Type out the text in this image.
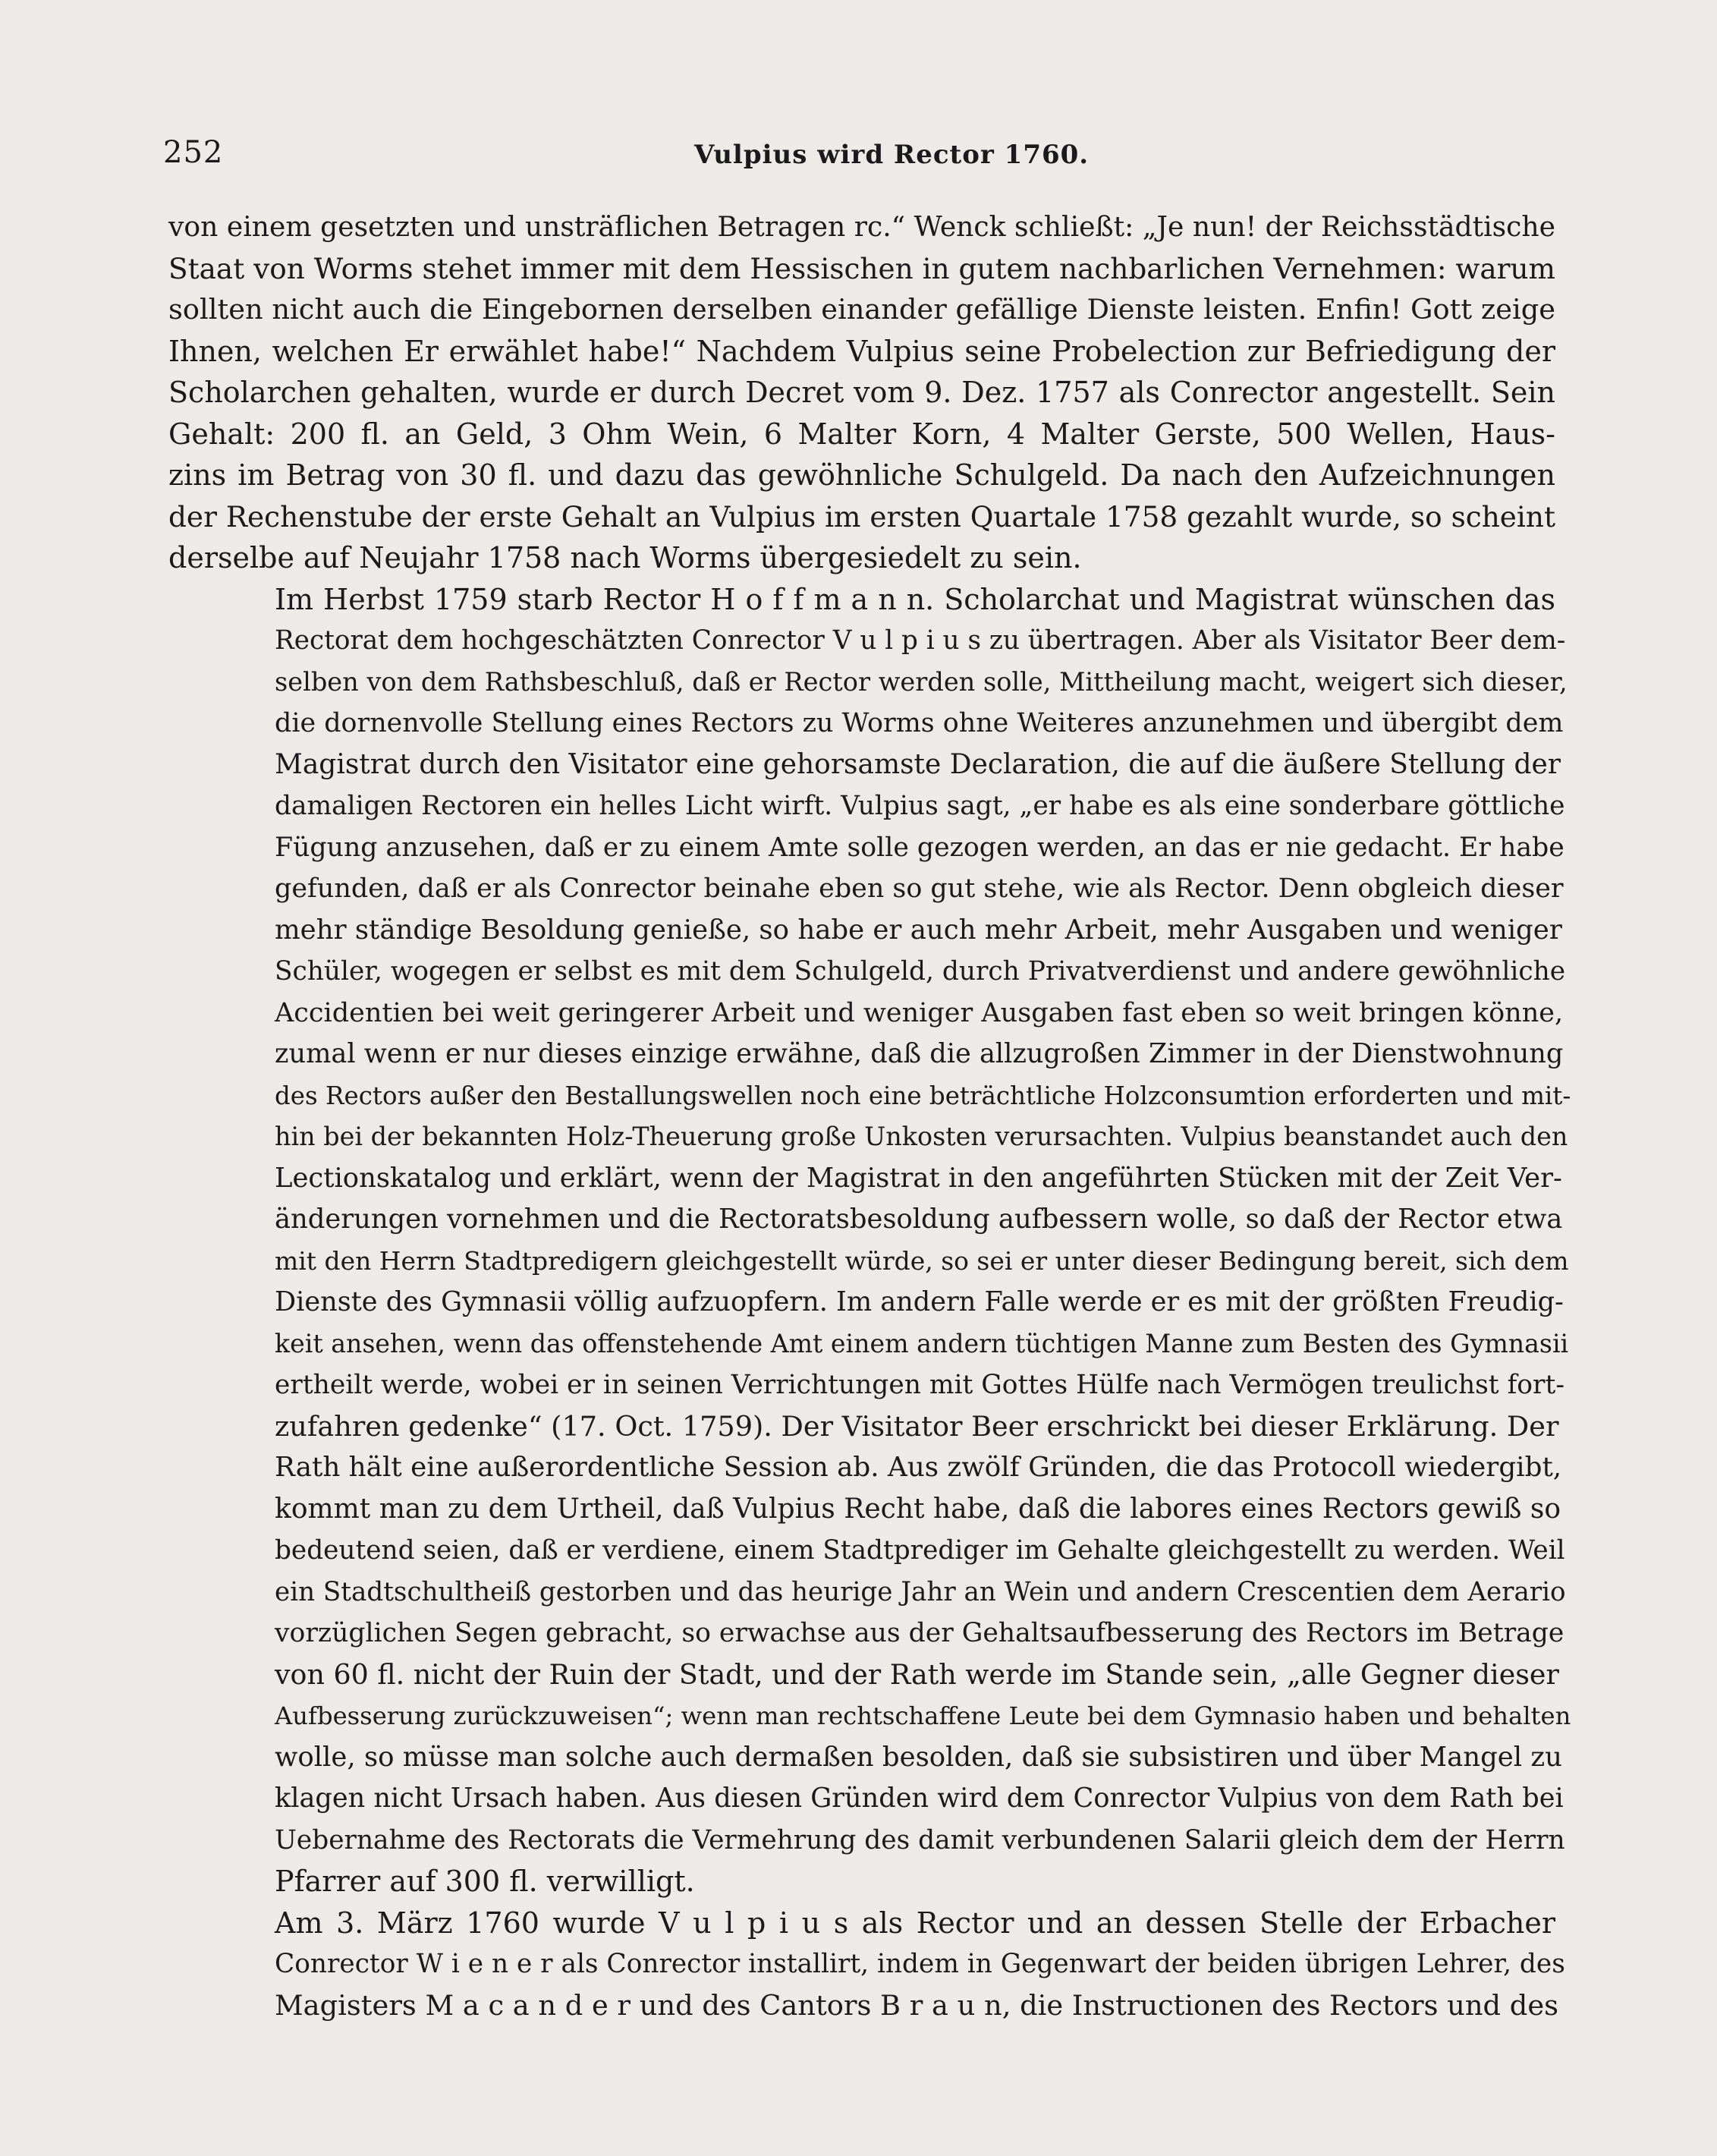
252	Vulpius wird Rector 1760.
von einem gesetzten und unsträflichen Betragen rc.“ Wenck schließt: „Je nun! der Reichsstädtische
Staat von Worms stehet immer mit dem Hessischen in gutem nachbarlichen Vernehmen: warum
sollten nicht auch die Eingebornen derselben einander gefällige Dienste leisten. Enfin! Gott zeige
Ihnen, welchen Er erwählet habe!“ Nachdem Vulpius seine Probelection zur Befriedigung der
Scholarchen gehalten, wurde er durch Decret vom 9. Dez. 1757 als Conrector angestellt. Sein
Gehalt: 200 fl. an Geld, 3 Ohm Wein, 6 Malter Korn, 4 Malter Gerste, 500 Wellen, Haus-
zins im Betrag von 30 fl. und dazu das gewöhnliche Schulgeld. Da nach den Aufzeichnungen
der Rechenstube der erste Gehalt an Vulpius im ersten Quartale 1758 gezahlt wurde, so scheint
derselbe auf Neujahr 1758 nach Worms übergesiedelt zu sein.
Im Herbst 1759 starb Rector H o f f m a n n. Scholarchat und Magistrat wünschen das
Rectorat dem hochgeschätzten Conrector V u l p i u s zu übertragen. Aber als Visitator Beer dem-
selben von dem Rathsbeschluß, daß er Rector werden solle, Mittheilung macht, weigert sich dieser,
die dornenvolle Stellung eines Rectors zu Worms ohne Weiteres anzunehmen und übergibt dem
Magistrat durch den Visitator eine gehorsamste Declaration, die auf die äußere Stellung der
damaligen Rectoren ein helles Licht wirft. Vulpius sagt, „er habe es als eine sonderbare göttliche
Fügung anzusehen, daß er zu einem Amte solle gezogen werden, an das er nie gedacht. Er habe
gefunden, daß er als Conrector beinahe eben so gut stehe, wie als Rector. Denn obgleich dieser
mehr ständige Besoldung genieße, so habe er auch mehr Arbeit, mehr Ausgaben und weniger
Schüler, wogegen er selbst es mit dem Schulgeld, durch Privatverdienst und andere gewöhnliche
Accidentien bei weit geringerer Arbeit und weniger Ausgaben fast eben so weit bringen könne,
zumal wenn er nur dieses einzige erwähne, daß die allzugroßen Zimmer in der Dienstwohnung
des Rectors außer den Bestallungswellen noch eine beträchtliche Holzconsumtion erforderten und mit-
hin bei der bekannten Holz-Theuerung große Unkosten verursachten. Vulpius beanstandet auch den
Lectionskatalog und erklärt, wenn der Magistrat in den angeführten Stücken mit der Zeit Ver-
änderungen vornehmen und die Rectoratsbesoldung aufbessern wolle, so daß der Rector etwa
mit den Herrn Stadtpredigern gleichgestellt würde, so sei er unter dieser Bedingung bereit, sich dem
Dienste des Gymnasii völlig aufzuopfern. Im andern Falle werde er es mit der größten Freudig-
keit ansehen, wenn das offenstehende Amt einem andern tüchtigen Manne zum Besten des Gymnasii
ertheilt werde, wobei er in seinen Verrichtungen mit Gottes Hülfe nach Vermögen treulichst fort-
zufahren gedenke“ (17. Oct. 1759). Der Visitator Beer erschrickt bei dieser Erklärung. Der
Rath hält eine außerordentliche Session ab. Aus zwölf Gründen, die das Protocoll wiedergibt,
kommt man zu dem Urtheil, daß Vulpius Recht habe, daß die labores eines Rectors gewiß so
bedeutend seien, daß er verdiene, einem Stadtprediger im Gehalte gleichgestellt zu werden. Weil
ein Stadtschultheiß gestorben und das heurige Jahr an Wein und andern Crescentien dem Aerario
vorzüglichen Segen gebracht, so erwachse aus der Gehaltsaufbesserung des Rectors im Betrage
von 60 fl. nicht der Ruin der Stadt, und der Rath werde im Stande sein, „alle Gegner dieser
Aufbesserung zurückzuweisen“; wenn man rechtschaffene Leute bei dem Gymnasio haben und behalten
wolle, so müsse man solche auch dermaßen besolden, daß sie subsistiren und über Mangel zu
klagen nicht Ursach haben. Aus diesen Gründen wird dem Conrector Vulpius von dem Rath bei
Uebernahme des Rectorats die Vermehrung des damit verbundenen Salarii gleich dem der Herrn
Pfarrer auf 300 fl. verwilligt.
Am 3. März 1760 wurde V u l p i u s als Rector und an dessen Stelle der Erbacher
Conrector W i e n e r als Conrector installirt, indem in Gegenwart der beiden übrigen Lehrer, des
Magisters M a c a n d e r und des Cantors B r a u n, die Instructionen des Rectors und des
